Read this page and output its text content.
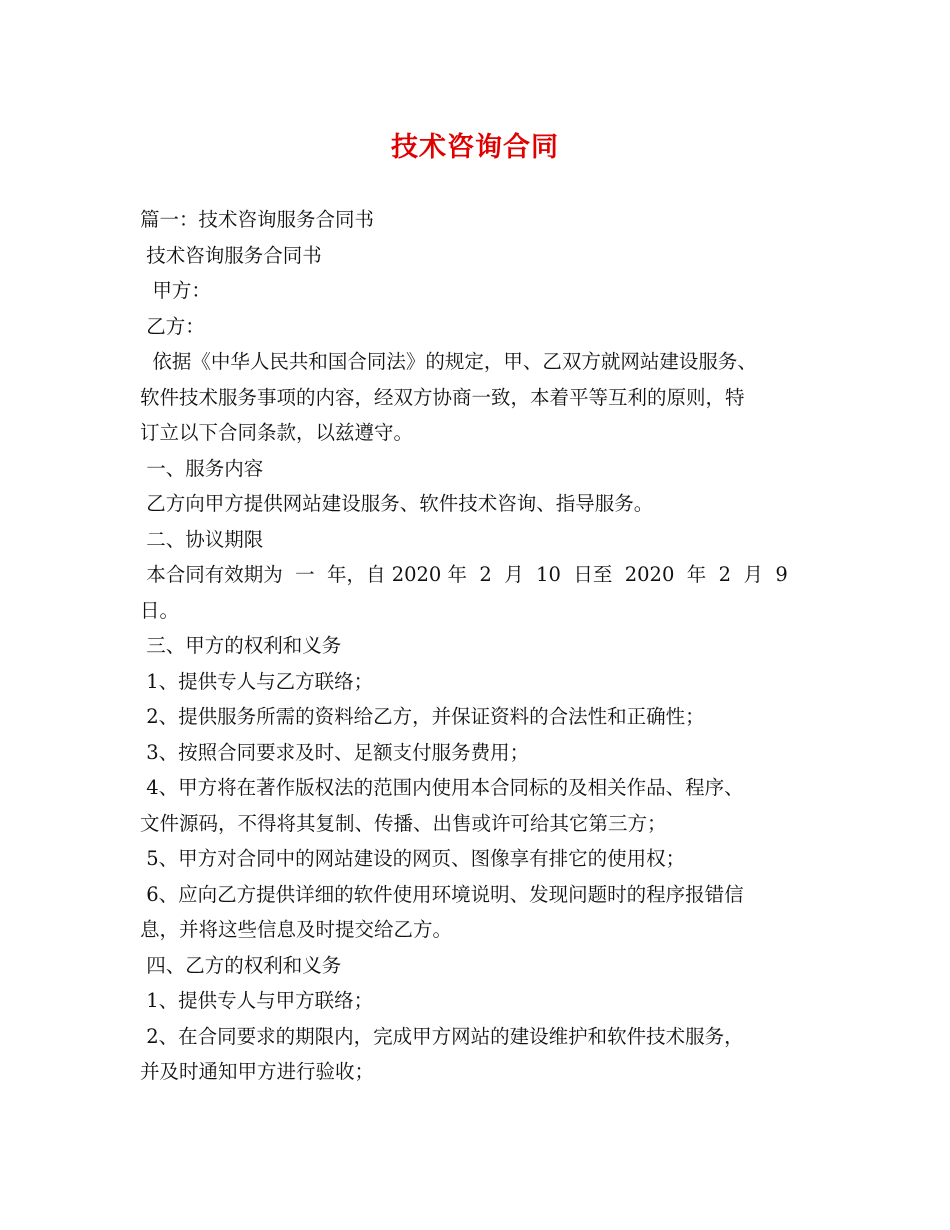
技术咨询合同
篇一：技术咨询服务合同书
技术咨询服务合同书
甲方：
乙方：
依据《中华人民共和国合同法》的规定，甲、乙双方就网站建设服务、
软件技术服务事项的内容，经双方协商一致，本着平等互利的原则，特
订立以下合同条款，以兹遵守。
一、服务内容
乙方向甲方提供网站建设服务、软件技术咨询、指导服务。
二、协议期限
本合同有效期为  一  年，自 2020 年  2  月  10  日至  2020  年  2  月  9
日。
三、甲方的权利和义务
1、提供专人与乙方联络；
2、提供服务所需的资料给乙方，并保证资料的合法性和正确性；
3、按照合同要求及时、足额支付服务费用；
4、甲方将在著作版权法的范围内使用本合同标的及相关作品、程序、
文件源码，不得将其复制、传播、出售或许可给其它第三方；
5、甲方对合同中的网站建设的网页、图像享有排它的使用权；
6、应向乙方提供详细的软件使用环境说明、发现问题时的程序报错信
息，并将这些信息及时提交给乙方。
四、乙方的权利和义务
1、提供专人与甲方联络；
2、在合同要求的期限内，完成甲方网站的建设维护和软件技术服务，
并及时通知甲方进行验收；
